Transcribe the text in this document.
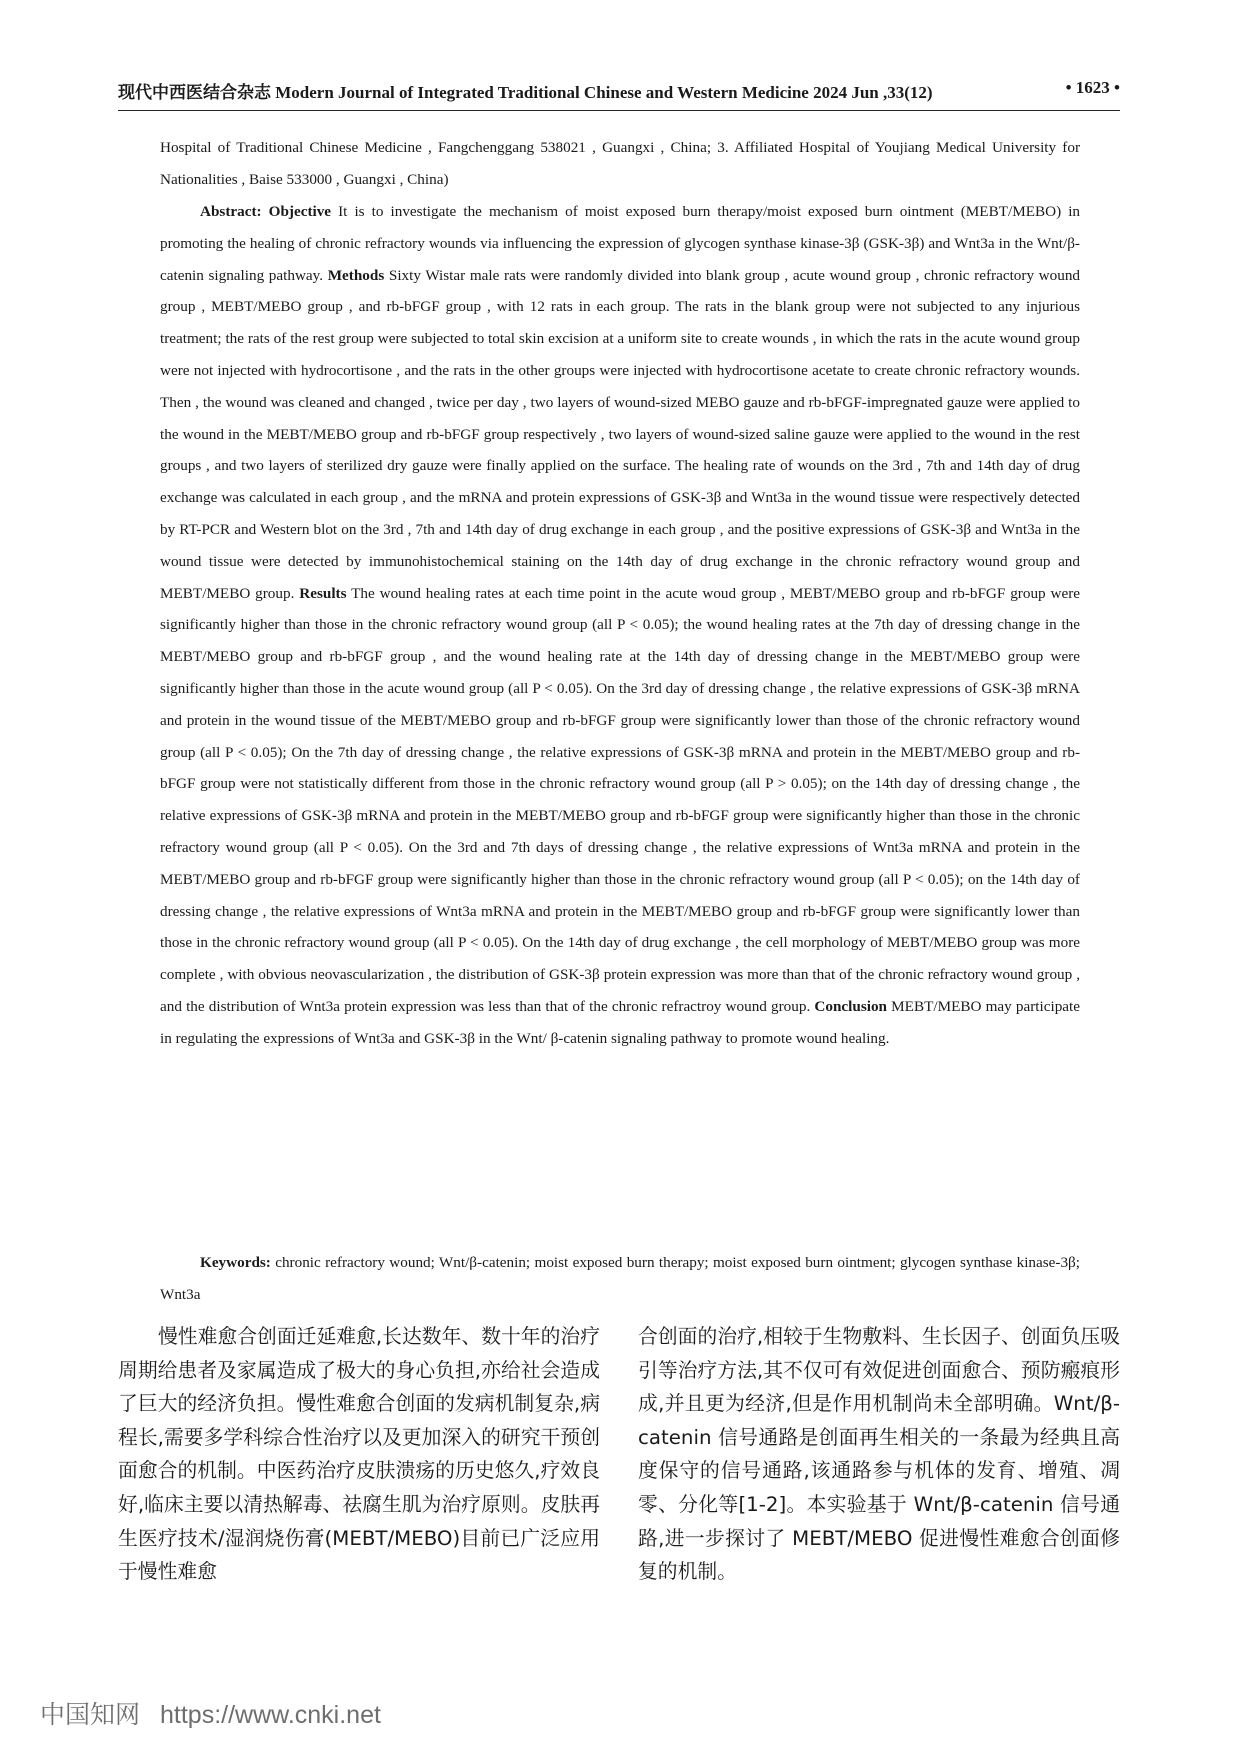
现代中西医结合杂志 Modern Journal of Integrated Traditional Chinese and Western Medicine 2024 Jun ,33(12)	• 1623 •
Hospital of Traditional Chinese Medicine , Fangchenggang 538021 , Guangxi , China; 3. Affiliated Hospital of Youjiang Medical University for Nationalities , Baise 533000 , Guangxi , China)
Abstract: Objective It is to investigate the mechanism of moist exposed burn therapy/moist exposed burn ointment (MEBT/MEBO) in promoting the healing of chronic refractory wounds via influencing the expression of glycogen synthase kinase-3β (GSK-3β) and Wnt3a in the Wnt/β-catenin signaling pathway. Methods Sixty Wistar male rats were randomly divided into blank group , acute wound group , chronic refractory wound group , MEBT/MEBO group , and rb-bFGF group , with 12 rats in each group. The rats in the blank group were not subjected to any injurious treatment; the rats of the rest group were subjected to total skin excision at a uniform site to create wounds , in which the rats in the acute wound group were not injected with hydrocortisone , and the rats in the other groups were injected with hydrocortisone acetate to create chronic refractory wounds. Then , the wound was cleaned and changed , twice per day , two layers of wound-sized MEBO gauze and rb-bFGF-impregnated gauze were applied to the wound in the MEBT/MEBO group and rb-bFGF group respectively , two layers of wound-sized saline gauze were applied to the wound in the rest groups , and two layers of sterilized dry gauze were finally applied on the surface. The healing rate of wounds on the 3rd , 7th and 14th day of drug exchange was calculated in each group , and the mRNA and protein expressions of GSK-3β and Wnt3a in the wound tissue were respectively detected by RT-PCR and Western blot on the 3rd , 7th and 14th day of drug exchange in each group , and the positive expressions of GSK-3β and Wnt3a in the wound tissue were detected by immunohistochemical staining on the 14th day of drug exchange in the chronic refractory wound group and MEBT/MEBO group. Results The wound healing rates at each time point in the acute woud group , MEBT/MEBO group and rb-bFGF group were significantly higher than those in the chronic refractory wound group (all P < 0.05); the wound healing rates at the 7th day of dressing change in the MEBT/MEBO group and rb-bFGF group , and the wound healing rate at the 14th day of dressing change in the MEBT/MEBO group were significantly higher than those in the acute wound group (all P < 0.05). On the 3rd day of dressing change , the relative expressions of GSK-3β mRNA and protein in the wound tissue of the MEBT/MEBO group and rb-bFGF group were significantly lower than those of the chronic refractory wound group (all P < 0.05); On the 7th day of dressing change , the relative expressions of GSK-3β mRNA and protein in the MEBT/MEBO group and rb-bFGF group were not statistically different from those in the chronic refractory wound group (all P > 0.05); on the 14th day of dressing change , the relative expressions of GSK-3β mRNA and protein in the MEBT/MEBO group and rb-bFGF group were significantly higher than those in the chronic refractory wound group (all P < 0.05). On the 3rd and 7th days of dressing change , the relative expressions of Wnt3a mRNA and protein in the MEBT/MEBO group and rb-bFGF group were significantly higher than those in the chronic refractory wound group (all P < 0.05); on the 14th day of dressing change , the relative expressions of Wnt3a mRNA and protein in the MEBT/MEBO group and rb-bFGF group were significantly lower than those in the chronic refractory wound group (all P < 0.05). On the 14th day of drug exchange , the cell morphology of MEBT/MEBO group was more complete , with obvious neovascularization , the distribution of GSK-3β protein expression was more than that of the chronic refractory wound group , and the distribution of Wnt3a protein expression was less than that of the chronic refractroy wound group. Conclusion MEBT/MEBO may participate in regulating the expressions of Wnt3a and GSK-3β in the Wnt/ β-catenin signaling pathway to promote wound healing.
Keywords: chronic refractory wound; Wnt/β-catenin; moist exposed burn therapy; moist exposed burn ointment; glycogen synthase kinase-3β; Wnt3a
慢性难愈合创面迁延难愈,长达数年、数十年的治疗周期给患者及家属造成了极大的身心负担,亦给社会造成了巨大的经济负担。慢性难愈合创面的发病机制复杂,病程长,需要多学科综合性治疗以及更加深入的研究干预创面愈合的机制。中医药治疗皮肤溃疡的历史悠久,疗效良好,临床主要以清热解毒、祛腐生肌为治疗原则。皮肤再生医疗技术/湿润烧伤膏(MEBT/MEBO)目前已广泛应用于慢性难愈
合创面的治疗,相较于生物敷料、生长因子、创面负压吸引等治疗方法,其不仅可有效促进创面愈合、预防瘢痕形成,并且更为经济,但是作用机制尚未全部明确。Wnt/β-catenin 信号通路是创面再生相关的一条最为经典且高度保守的信号通路,该通路参与机体的发育、增殖、凋零、分化等[1-2]。本实验基于 Wnt/β-catenin 信号通路,进一步探讨了 MEBT/MEBO 促进慢性难愈合创面修复的机制。
中国知网 https://www.cnki.net
